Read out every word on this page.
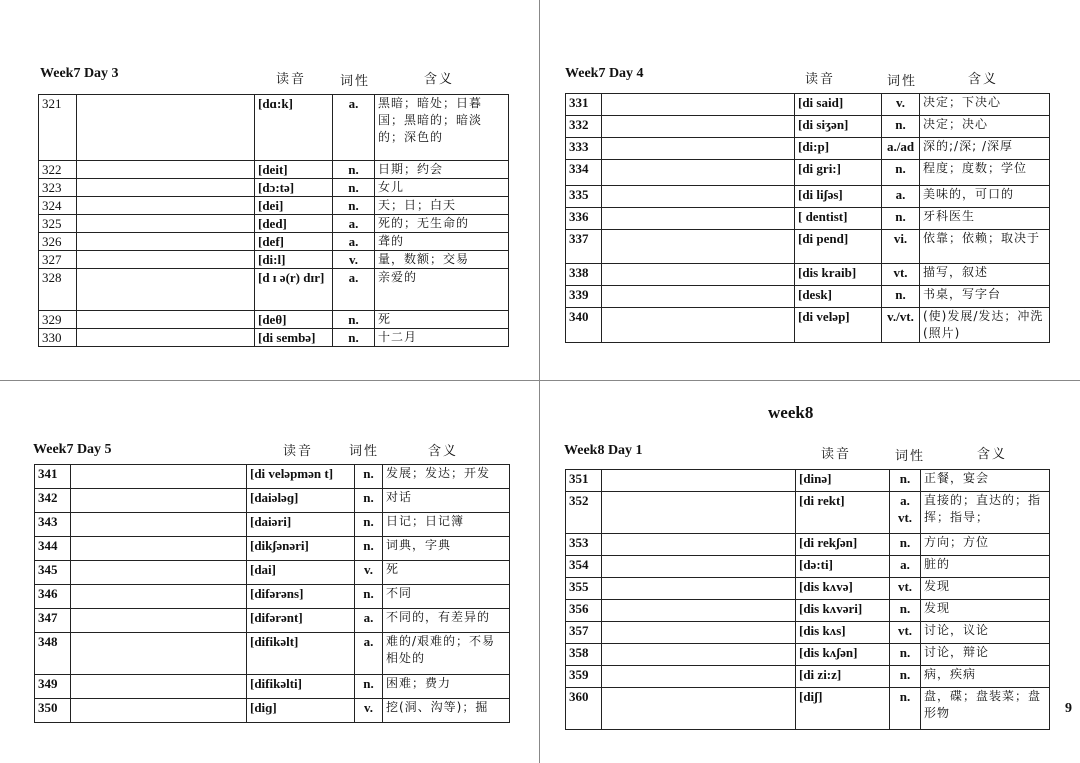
Week7 Day 3	读音	词性	含义
321		[dɑ:k]	a.	黑暗；暗处；日暮国；黑暗的；暗淡的；深色的
322		[deit]	n.	日期；约会
323		[dɔ:tə]	n.	女儿
324		[dei]	n.	天；日；白天
325		[ded]	a.	死的；无生命的
326		[def]	a.	聋的
327		[di:l]	v.	量，数额；交易
328		[d ɪ ə(r) dɪr]	a.	亲爱的
329		[deθ]	n.	死
330		[di sembə]	n.	十二月
Week7 Day 4	读音	词性	含义
331		[di said]	v.	决定；下决心
332		[di siʒən]	n.	决定；决心
333		[di:p]	a./ad	深的;/深; /深厚
334		[di gri:]	n.	程度；度数；学位
335		[di liʃəs]	a.	美味的，可口的
336		[ dentist]	n.	牙科医生
337		[di pend]	vi.	依靠；依赖；取决于
338		[dis kraib]	vt.	描写，叙述
339		[desk]	n.	书桌，写字台
340		[di veləp]	v./vt.	(使)发展/发达；冲洗(照片)
Week7 Day 5	读音	词性	含义
341		[di veləpmən t]	n.	发展；发达；开发
342		[daiələɡ]	n.	对话
343		[daiəri]	n.	日记；日记簿
344		[dikʃənəri]	n.	词典，字典
345		[dai]	v.	死
346		[difərəns]	n.	不同
347		[difərənt]	a.	不同的，有差异的
348		[difikəlt]	a.	难的/艰难的；不易相处的
349		[difikəlti]	n.	困难；费力
350		[diɡ]	v.	挖(洞、沟等)；掘
week8
Week8 Day 1	读音	词性	含义
351		[dinə]	n.	正餐，宴会
352		[di rekt]	a. vt.	直接的；直达的；指挥；指导；
353		[di rekʃən]	n.	方向；方位
354		[də:ti]	a.	脏的
355		[dis kʌvə]	vt.	发现
356		[dis kʌvəri]	n.	发现
357		[dis kʌs]	vt.	讨论，议论
358		[dis kʌʃən]	n.	讨论，辩论
359		[di zi:z]	n.	病，疾病
360		[diʃ]	n.	盘，碟；盘装菜；盘形物	9
